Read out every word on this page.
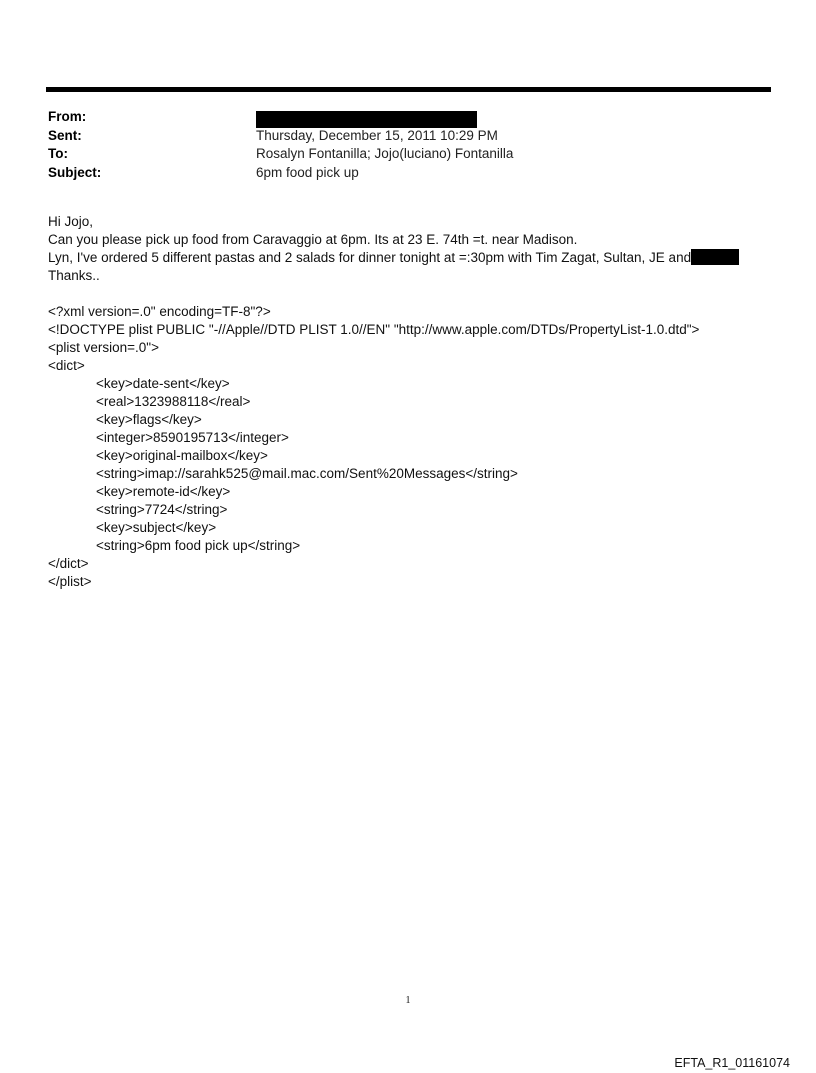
From:
Sent:	Thursday, December 15, 2011 10:29 PM
To:	Rosalyn Fontanilla; Jojo(luciano) Fontanilla
Subject:	6pm food pick up
Hi Jojo,
Can you please pick up food from Caravaggio at 6pm. Its at 23 E. 74th =t. near Madison.
Lyn, I've ordered 5 different pastas and 2 salads for dinner tonight at =:30pm with Tim Zagat, Sultan, JE and
Thanks..
<?xml version=.0" encoding=TF-8"?>
<!DOCTYPE plist PUBLIC "-//Apple//DTD PLIST 1.0//EN" "http://www.apple.com/DTDs/PropertyList-1.0.dtd">
<plist version=.0">
<dict>
<key>date-sent</key>
<real>1323988118</real>
<key>flags</key>
<integer>8590195713</integer>
<key>original-mailbox</key>
<string>imap://sarahk525@mail.mac.com/Sent%20Messages</string>
<key>remote-id</key>
<string>7724</string>
<key>subject</key>
<string>6pm food pick up</string>
</dict>
</plist>
1
EFTA_R1_01161074
